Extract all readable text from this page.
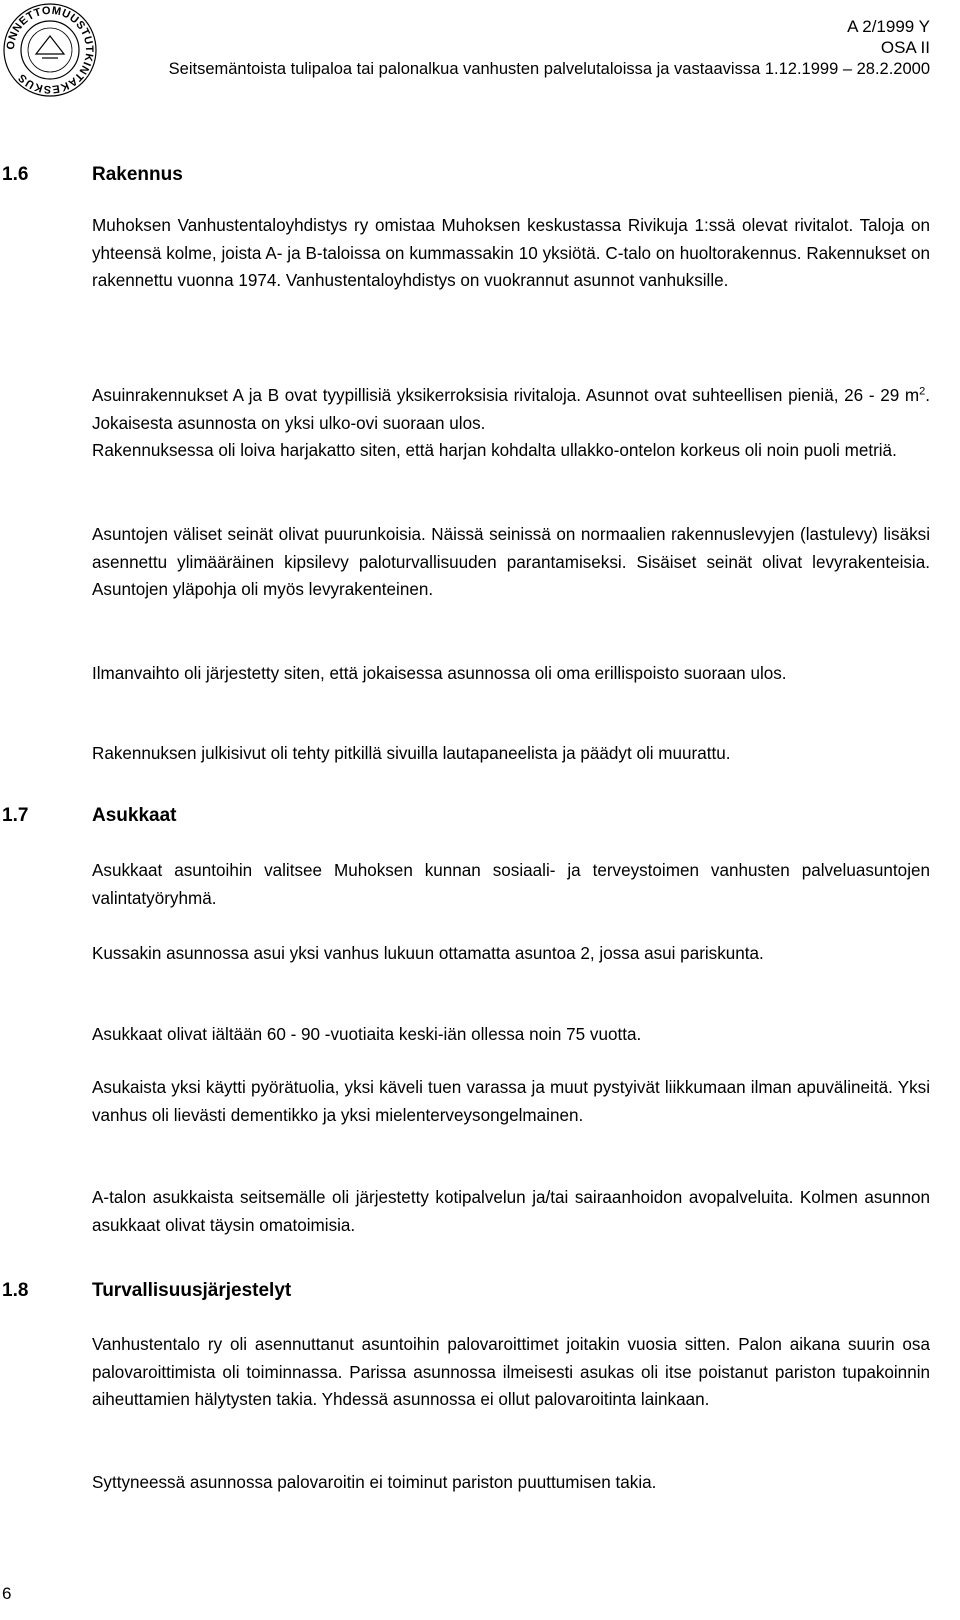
ONNETTOMUUSTUTKINTAKESKUS
A 2/1999 Y
OSA II
Seitsemäntoista tulipaloa tai palonalkua vanhusten palvelutaloissa ja vastaavissa 1.12.1999 – 28.2.2000
1.6	Rakennus

Muhoksen Vanhustentaloyhdistys ry omistaa Muhoksen keskustassa Rivikuja 1:ssä olevat rivitalot. Taloja on yhteensä kolme, joista A- ja B-taloissa on kummassakin 10 yksiötä. C-talo on huoltorakennus. Rakennukset on rakennettu vuonna 1974. Vanhustentaloyhdistys on vuokrannut asunnot vanhuksille.

Asuinrakennukset A ja B ovat tyypillisiä yksikerroksisia rivitaloja. Asunnot ovat suhteellisen pieniä, 26 - 29 $m^2$. Jokaisesta asunnosta on yksi ulko-ovi suoraan ulos.

Rakennuksessa oli loiva harjakatto siten, että harjan kohdalta ullakko-ontelon korkeus oli noin puoli metriä.

Asuntojen väliset seinät olivat puurunkoisia. Näissä seinissä on normaalien rakennuslevyjen (lastulevy) lisäksi asennettu ylimääräinen kipsilevy paloturvallisuuden parantamiseksi. Sisäiset seinät olivat levyrakenteisia. Asuntojen yläpohja oli myös levyrakenteinen.

Ilmanvaihto oli järjestetty siten, että jokaisessa asunnossa oli oma erillispoisto suoraan ulos.

Rakennuksen julkisivut oli tehty pitkillä sivuilla lautapaneelista ja päädyt oli muurattu.

1.7	Asukkaat

Asukkaat asuntoihin valitsee Muhoksen kunnan sosiaali- ja terveystoimen vanhusten palveluasuntojen valintatyöryhmä.

Kussakin asunnossa asui yksi vanhus lukuun ottamatta asuntoa 2, jossa asui pariskunta.

Asukkaat olivat iältään 60 - 90 -vuotiaita keski-iän ollessa noin 75 vuotta.

Asukaista yksi käytti pyörätuolia, yksi käveli tuen varassa ja muut pystyivät liikkumaan ilman apuvälineitä. Yksi vanhus oli lievästi dementikko ja yksi mielenterveysongelmainen.

A-talon asukkaista seitsemälle oli järjestetty kotipalvelun ja/tai sairaanhoidon avopalveluita. Kolmen asunnon asukkaat olivat täysin omatoimisia.

1.8	Turvallisuusjärjestelyt

Vanhustentalo ry oli asennuttanut asuntoihin palovaroittimet joitakin vuosia sitten. Palon aikana suurin osa palovaroittimista oli toiminnassa. Parissa asunnossa ilmeisesti asukas oli itse poistanut pariston tupakoinnin aiheuttamien hälytysten takia. Yhdessä asunnossa ei ollut palovaroitinta lainkaan.

Syttyneessä asunnossa palovaroitin ei toiminut pariston puuttumisen takia.

6
